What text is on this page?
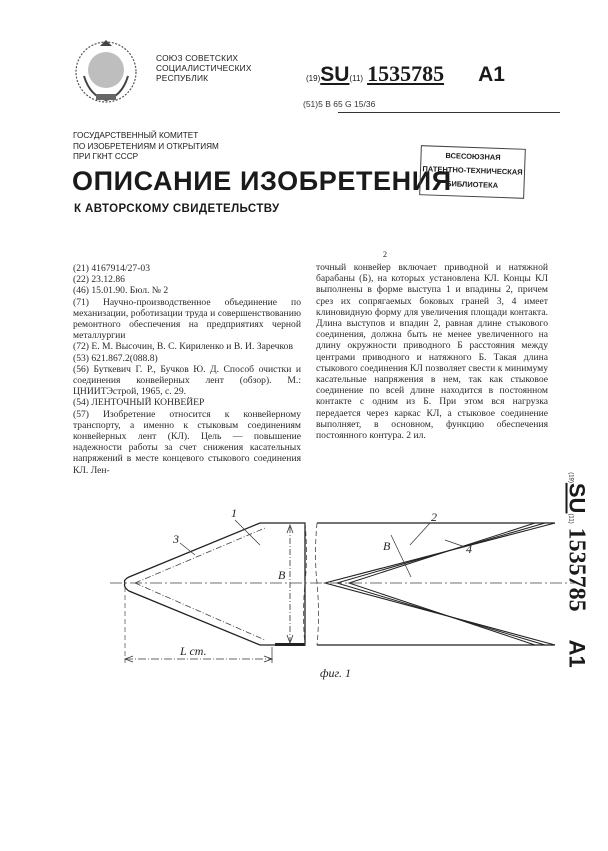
СОЮЗ СОВЕТСКИХ
СОЦИАЛИСТИЧЕСКИХ
РЕСПУБЛИК	(19)SU(11) 1535785 A1
(51)5 B 65 G 15/36
ГОСУДАРСТВЕННЫЙ КОМИТЕТ
ПО ИЗОБРЕТЕНИЯМ И ОТКРЫТИЯМ
ПРИ ГКНТ СССР
ОПИСАНИЕ ИЗОБРЕТЕНИЯ
К АВТОРСКОМУ СВИДЕТЕЛЬСТВУ
ВСЕСОЮЗНАЯ
ПАТЕНТНО-ТЕХНИЧЕСКАЯ
БИБЛИОТЕКА

(21) 4167914/27-03

(22) 23.12.86

(46) 15.01.90. Бюл. № 2

(71) Научно-производственное объединение по механизации, роботизации труда и совершенствованию ремонтного обеспечения на предприятиях черной металлургии

(72) Е. М. Высочин, В. С. Кириленко и В. И. Заречков

(53) 621.867.2(088.8)

(56) Буткевич Г. Р., Бучков Ю. Д. Способ очистки и соединения конвейерных лент (обзор). М.: ЦНИИТЭстрой, 1965, с. 29.

(54) ЛЕНТОЧНЫЙ КОНВЕЙЕР

(57) Изобретение относится к конвейерному транспорту, а именно к стыковым соединениям конвейерных лент (КЛ). Цель — повышение надежности работы за счет снижения касательных напряжений в месте концевого стыкового соединения КЛ. Лен-

2

точный конвейер включает приводной и натяжной барабаны (Б), на которых установлена КЛ. Концы КЛ выполнены в форме выступа 1 и впадины 2, причем срез их сопрягаемых боковых граней 3, 4 имеет клиновидную форму для увеличения площади контакта. Длина выступов и впадин 2, равная длине стыкового соединения, должна быть не менее увеличенного на длину окружности приводного Б расстояния между центрами приводного и натяжного Б. Такая длина стыкового соединения КЛ позволяет свести к минимуму касательные напряжения в нем, так как стыковое соединение по всей длине находится в постоянном контакте с одним из Б. При этом вся нагрузка передается через каркас КЛ, а стыковое соединение выполняет, в основном, функцию обеспечения постоянного контура. 2 ил.

(19)SU(11)1535785A1
1	2
3
4
В
В
L ст.
фиг. 1
